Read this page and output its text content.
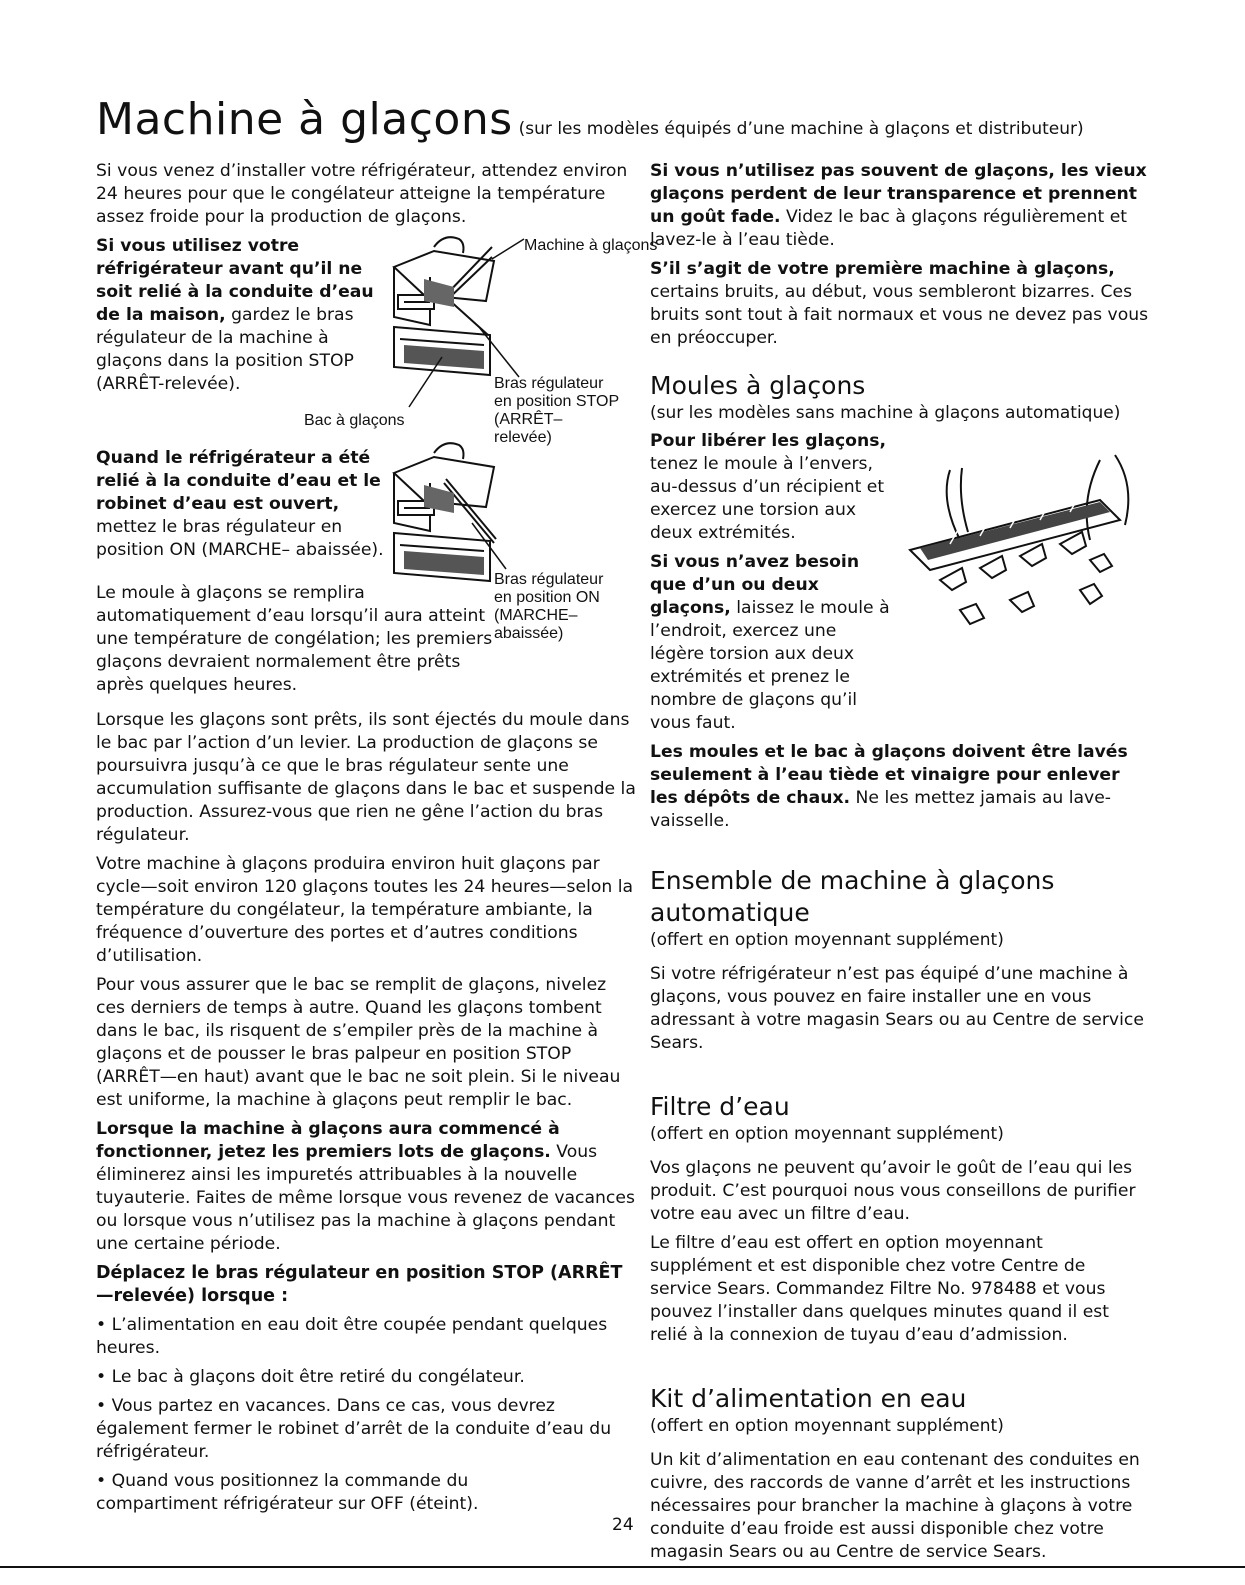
Machine à glaçons (sur les modèles équipés d’une machine à glaçons et distributeur)

Si vous venez d’installer votre réfrigérateur, attendez environ 24 heures pour que le congélateur atteigne la température assez froide pour la production de glaçons.

Si vous utilisez votre réfrigérateur avant qu’il ne soit relié à la conduite d’eau de la maison, gardez le bras régulateur de la machine à glaçons dans la position STOP (ARRÊT-relevée).

Machine à glaçons
Bras régulateur en position STOP (ARRÊT– relevée)
Bac à glaçons

Quand le réfrigérateur a été relié à la conduite d’eau et le robinet d’eau est ouvert, mettez le bras régulateur en position ON (MARCHE– abaissée).

Bras régulateur en position ON (MARCHE– abaissée)

Le moule à glaçons se remplira automatiquement d’eau lorsqu’il aura atteint une température de congélation; les premiers glaçons devraient normalement être prêts après quelques heures.

Lorsque les glaçons sont prêts, ils sont éjectés du moule dans le bac par l’action d’un levier. La production de glaçons se poursuivra jusqu’à ce que le bras régulateur sente une accumulation suffisante de glaçons dans le bac et suspende la production. Assurez-vous que rien ne gêne l’action du bras régulateur.

Votre machine à glaçons produira environ huit glaçons par cycle—soit environ 120 glaçons toutes les 24 heures—selon la température du congélateur, la température ambiante, la fréquence d’ouverture des portes et d’autres conditions d’utilisation.

Pour vous assurer que le bac se remplit de glaçons, nivelez ces derniers de temps à autre. Quand les glaçons tombent dans le bac, ils risquent de s’empiler près de la machine à glaçons et de pousser le bras palpeur en position STOP (ARRÊT—en haut) avant que le bac ne soit plein. Si le niveau est uniforme, la machine à glaçons peut remplir le bac.

Lorsque la machine à glaçons aura commencé à fonctionner, jetez les premiers lots de glaçons. Vous éliminerez ainsi les impuretés attribuables à la nouvelle tuyauterie. Faites de même lorsque vous revenez de vacances ou lorsque vous n’utilisez pas la machine à glaçons pendant une certaine période.

Déplacez le bras régulateur en position STOP (ARRÊT—relevée) lorsque :

• L’alimentation en eau doit être coupée pendant quelques heures.

• Le bac à glaçons doit être retiré du congélateur.

• Vous partez en vacances. Dans ce cas, vous devrez également fermer le robinet d’arrêt de la conduite d’eau du réfrigérateur.

• Quand vous positionnez la commande du compartiment réfrigérateur sur OFF (éteint).

Si vous n’utilisez pas souvent de glaçons, les vieux glaçons perdent de leur transparence et prennent un goût fade. Videz le bac à glaçons régulièrement et lavez-le à l’eau tiède.

S’il s’agit de votre première machine à glaçons, certains bruits, au début, vous sembleront bizarres. Ces bruits sont tout à fait normaux et vous ne devez pas vous en préoccuper.

Moules à glaçons

(sur les modèles sans machine à glaçons automatique)

Pour libérer les glaçons, tenez le moule à l’envers, au-dessus d’un récipient et exercez une torsion aux deux extrémités.

Si vous n’avez besoin que d’un ou deux glaçons, laissez le moule à l’endroit, exercez une légère torsion aux deux extrémités et prenez le nombre de glaçons qu’il vous faut.

Les moules et le bac à glaçons doivent être lavés seulement à l’eau tiède et vinaigre pour enlever les dépôts de chaux. Ne les mettez jamais au lave-vaisselle.

Ensemble de machine à glaçons automatique

(offert en option moyennant supplément)

Si votre réfrigérateur n’est pas équipé d’une machine à glaçons, vous pouvez en faire installer une en vous adressant à votre magasin Sears ou au Centre de service Sears.

Filtre d’eau

(offert en option moyennant supplément)

Vos glaçons ne peuvent qu’avoir le goût de l’eau qui les produit. C’est pourquoi nous vous conseillons de purifier votre eau avec un filtre d’eau.

Le filtre d’eau est offert en option moyennant supplément et est disponible chez votre Centre de service Sears. Commandez Filtre No. 978488 et vous pouvez l’installer dans quelques minutes quand il est relié à la connexion de tuyau d’eau d’admission.

Kit d’alimentation en eau

(offert en option moyennant supplément)

Un kit d’alimentation en eau contenant des conduites en cuivre, des raccords de vanne d’arrêt et les instructions nécessaires pour brancher la machine à glaçons à votre conduite d’eau froide est aussi disponible chez votre magasin Sears ou au Centre de service Sears.

24
